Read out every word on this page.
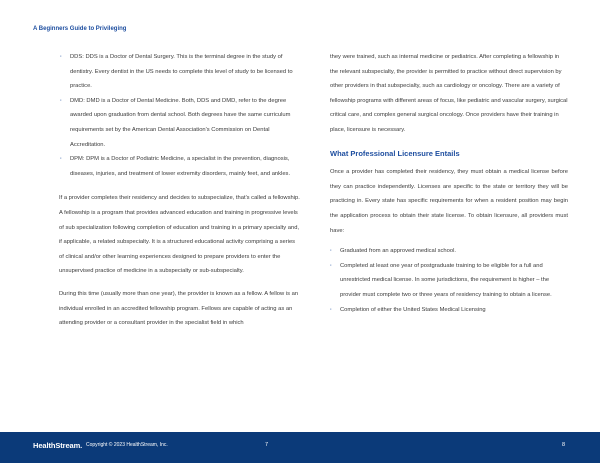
A Beginners Guide to Privileging
· DDS: DDS is a Doctor of Dental Surgery. This is the terminal degree in the study of dentistry. Every dentist in the US needs to complete this level of study to be licensed to practice.
· DMD: DMD is a Doctor of Dental Medicine. Both, DDS and DMD, refer to the degree awarded upon graduation from dental school. Both degrees have the same curriculum requirements set by the American Dental Association's Commission on Dental Accreditation.
· DPM: DPM is a Doctor of Podiatric Medicine, a specialist in the prevention, diagnosis, diseases, injuries, and treatment of lower extremity disorders, mainly feet, and ankles.

If a provider completes their residency and decides to subspecialize, that's called a fellowship. A fellowship is a program that provides advanced education and training in progressive levels of sub specialization following completion of education and training in a primary specialty and, if applicable, a related subspecialty. It is a structured educational activity comprising a series of clinical and/or other learning experiences designed to prepare providers to enter the unsupervised practice of medicine in a subspecialty or sub-subspecialty.

During this time (usually more than one year), the provider is known as a fellow. A fellow is an individual enrolled in an accredited fellowship program. Fellows are capable of acting as an attending provider or a consultant provider in the specialist field in which

they were trained, such as internal medicine or pediatrics. After completing a fellowship in the relevant subspecialty, the provider is permitted to practice without direct supervision by other providers in that subspecialty, such as cardiology or oncology. There are a variety of fellowship programs with different areas of focus, like pediatric and vascular surgery, surgical critical care, and complex general surgical oncology. Once providers have their training in place, licensure is necessary.

What Professional Licensure Entails

Once a provider has completed their residency, they must obtain a medical license before they can practice independently. Licenses are specific to the state or territory they will be practicing in. Every state has specific requirements for when a resident position may begin the application process to obtain their state license. To obtain licensure, all providers must have:

· Graduated from an approved medical school.
· Completed at least one year of postgraduate training to be eligible for a full and unrestricted medical license. In some jurisdictions, the requirement is higher – the provider must complete two or three years of residency training to obtain a license.
· Completion of either the United States Medical Licensing
HealthStream. Copyright © 2023 HealthStream, Inc.	7	8
